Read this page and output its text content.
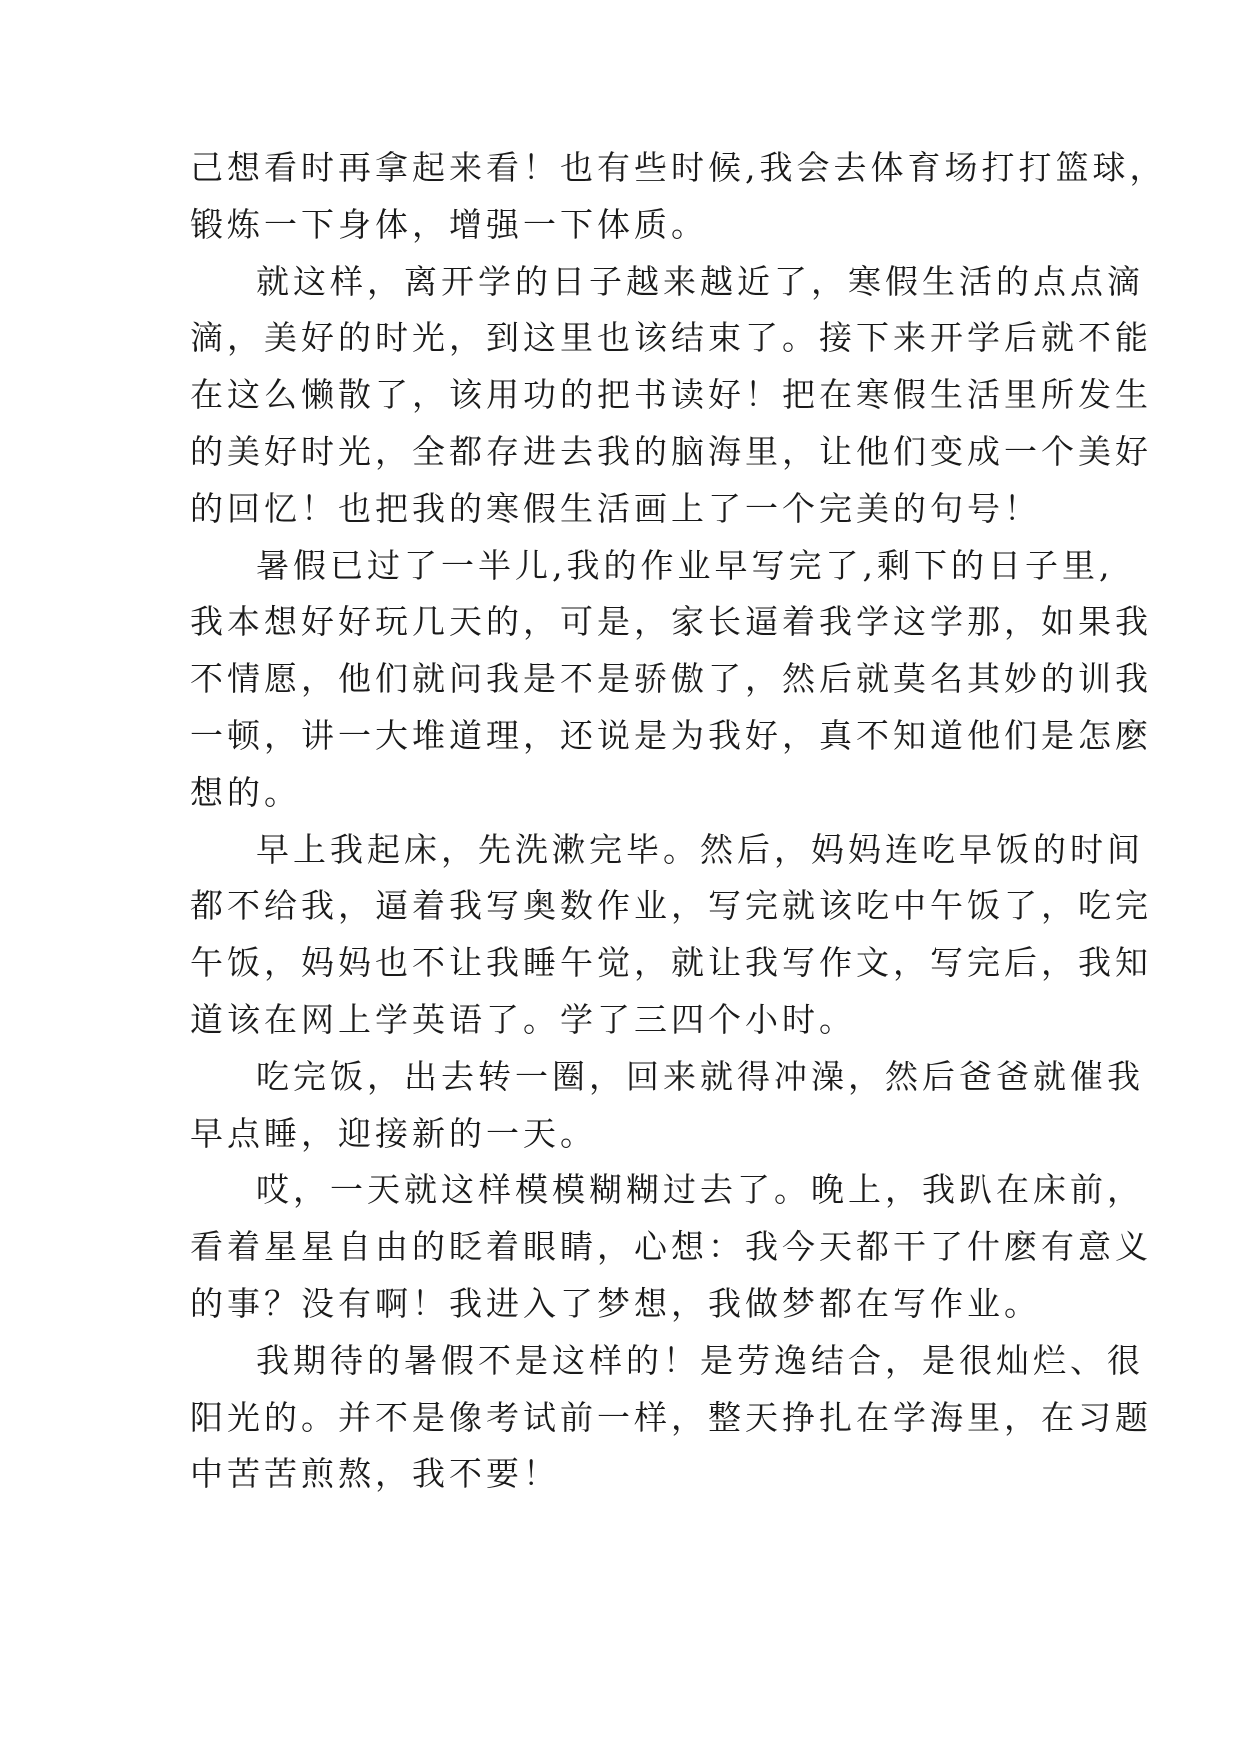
己想看时再拿起来看！也有些时候,我会去体育场打打篮球，
锻炼一下身体，增强一下体质。
就这样，离开学的日子越来越近了，寒假生活的点点滴
滴，美好的时光，到这里也该结束了。接下来开学后就不能
在这么懒散了，该用功的把书读好！把在寒假生活里所发生
的美好时光，全都存进去我的脑海里，让他们变成一个美好
的回忆！也把我的寒假生活画上了一个完美的句号！
暑假已过了一半儿,我的作业早写完了,剩下的日子里,
我本想好好玩几天的，可是，家长逼着我学这学那，如果我
不情愿，他们就问我是不是骄傲了，然后就莫名其妙的训我
一顿，讲一大堆道理，还说是为我好，真不知道他们是怎麽
想的。
早上我起床，先洗漱完毕。然后，妈妈连吃早饭的时间
都不给我，逼着我写奥数作业，写完就该吃中午饭了，吃完
午饭，妈妈也不让我睡午觉，就让我写作文，写完后，我知
道该在网上学英语了。学了三四个小时。
吃完饭，出去转一圈，回来就得冲澡，然后爸爸就催我
早点睡，迎接新的一天。
哎，一天就这样模模糊糊过去了。晚上，我趴在床前，
看着星星自由的眨着眼睛，心想：我今天都干了什麽有意义
的事？没有啊！我进入了梦想，我做梦都在写作业。
我期待的暑假不是这样的！是劳逸结合，是很灿烂、很
阳光的。并不是像考试前一样，整天挣扎在学海里，在习题
中苦苦煎熬，我不要！
